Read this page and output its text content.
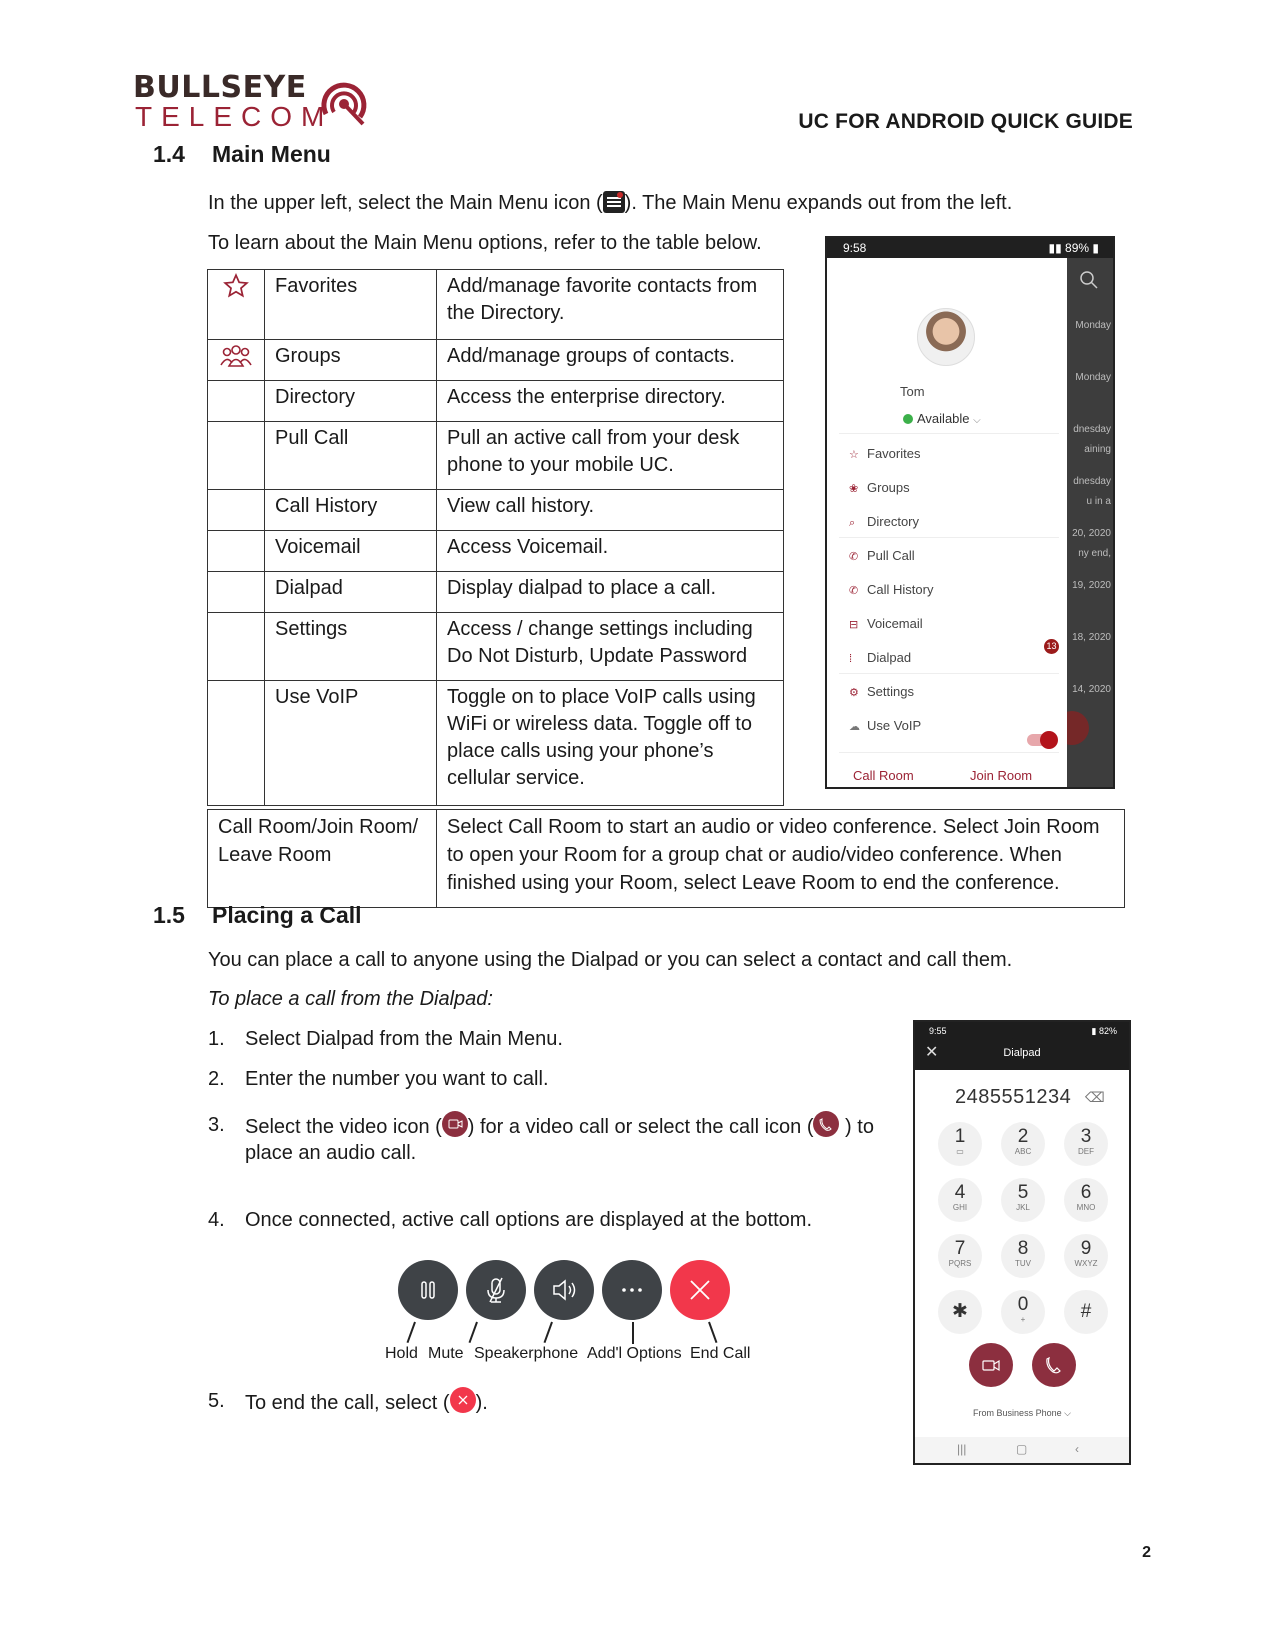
BULLSEYE
TELECOM	UC FOR ANDROID QUICK GUIDE
1.4 Main Menu
In the upper left, select the Main Menu icon ( ). The Main Menu expands out from the left.
To learn about the Main Menu options, refer to the table below.
	Favorites	Add/manage favorite contacts from the Directory.
	Groups	Add/manage groups of contacts.
	Directory	Access the enterprise directory.
	Pull Call	Pull an active call from your desk phone to your mobile UC.
	Call History	View call history.
	Voicemail	Access Voicemail.
	Dialpad	Display dialpad to place a call.
	Settings	Access / change settings including Do Not Disturb, Update Password
	Use VoIP	Toggle on to place VoIP calls using WiFi or wireless data. Toggle off to place calls using your phone’s cellular service.
Call Room/Join Room/ Leave Room	Select Call Room to start an audio or video conference. Select Join Room to open your Room for a group chat or audio/video conference. When finished using your Room, select Leave Room to end the conference.
9:58	▮▮ 89% ▮
Monday
Monday
dnesday
aining
dnesday
u in a
20, 2020
ny end,
19, 2020
18, 2020
14, 2020
Tom
Available ⌵
☆ Favorites
❀ Groups
⌕ Directory
✆ Pull Call
✆ Call History
⊟ Voicemail
13
⁞ Dialpad
⚙ Settings
☁ Use VoIP
Call Room	Join Room
1.5 Placing a Call
You can place a call to anyone using the Dialpad or you can select a contact and call them.
To place a call from the Dialpad:
1. Select Dialpad from the Main Menu.
2. Enter the number you want to call.
3. Select the video icon ( ) for a video call or select the call icon ( ) to
place an audio call.
4. Once connected, active call options are displayed at the bottom.
Hold Mute Speakerphone Add'l Options End Call
5. To end the call, select ( ).
9:55	▮ 82%
✕	Dialpad
2485551234 ⌫
1
▭
2
ABC
3
DEF
4
GHI
5
JKL
6
MNO
7
PQRS
8
TUV
9
WXYZ
✱	0
+	#
From Business Phone ⌵
|||	▢	‹
2
